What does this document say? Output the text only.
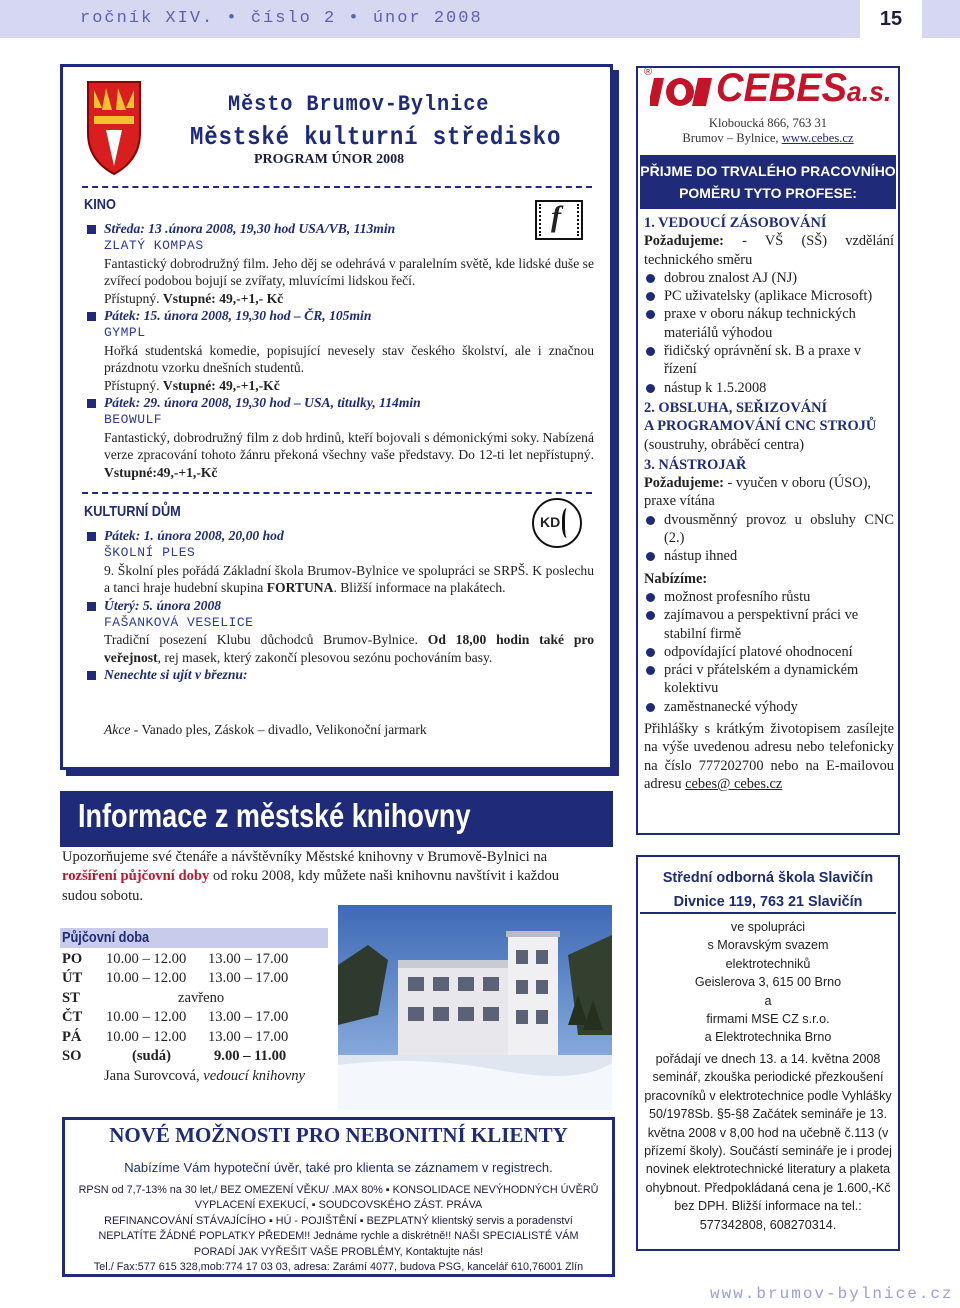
ročník XIV. • číslo 2 • únor 2008	15
Město Brumov-Bylnice
Městské kulturní středisko
PROGRAM ÚNOR 2008
KINO	f
Středa: 13 .února 2008, 19,30 hod USA/VB, 113min
ZLATÝ KOMPAS
Fantastický dobrodružný film. Jeho děj se odehrává v paralelním světě, kde lidské duše se zvířecí podobou bojují se zvířaty, mluvícími lidskou řečí.
Přístupný. Vstupné: 49,-+1,- Kč
Pátek: 15. února 2008, 19,30 hod – ČR, 105min
GYMPL
Hořká studentská komedie, popisující nevesely stav českého školství, ale i značnou prázdnotu vzorku dnešních studentů.
Přístupný. Vstupné: 49,-+1,-Kč
Pátek: 29. února 2008, 19,30 hod – USA, titulky, 114min
BEOWULF
Fantastický, dobrodružný film z dob hrdinů, kteří bojovali s démonickými soky. Nabízená verze zpracování tohoto žánru překoná všechny vaše představy. Do 12-ti let nepřístupný. Vstupné:49,-+1,-Kč
KULTURNÍ DŮM
KD
Pátek: 1. února 2008, 20,00 hod
ŠKOLNÍ PLES
9. Školní ples pořádá Základní škola Brumov-Bylnice ve spolupráci se SRPŠ. K poslechu a tanci hraje hudební skupina FORTUNA. Bližší informace na plakátech.
Úterý: 5. února 2008
FAŠANKOVÁ VESELICE
Tradiční posezení Klubu důchodců Brumov-Bylnice. Od 18,00 hodin také pro veřejnost, rej masek, který zakončí plesovou sezónu pochováním basy.
Nenechte si ujít v březnu:
Akce - Vanado ples, Záskok – divadlo, Velikonoční jarmark
Informace z městské knihovny
Upozorňujeme své čtenáře a návštěvníky Městské knihovny v Brumově-Bylnici na rozšíření půjčovní doby od roku 2008, kdy můžete naši knihovnu navštívit i každou sudou sobotu.
Půjčovní doba
PO	10.00 – 12.00	13.00 – 17.00
ÚT	10.00 – 12.00	13.00 – 17.00
ST	zavřeno	
ČT	10.00 – 12.00	13.00 – 17.00
PÁ	10.00 – 12.00	13.00 – 17.00
SO	(sudá)	9.00 – 11.00
Jana Surovcová, vedoucí knihovny
NOVÉ MOŽNOSTI PRO NEBONITNÍ KLIENTY
Nabízíme Vám hypoteční úvěr, také pro klienta se záznamem v registrech.
RPSN od 7,7-13% na 30 let,/ BEZ OMEZENÍ VĚKU/ .MAX 80% ▪ KONSOLIDACE NEVÝHODNÝCH ÚVĚRŮ
VYPLACENÍ EXEKUCÍ, ▪ SOUDCOVSKÉHO ZÁST. PRÁVA
REFINANCOVÁNÍ STÁVAJÍCÍHO ▪ HÚ - POJIŠTĚNÍ ▪ BEZPLATNÝ klientský servis a poradenství
NEPLATÍTE ŽÁDNÉ POPLATKY PŘEDEM!! Jednáme rychle a diskrétně!! NAŠI SPECIALISTÉ VÁM
PORADÍ JAK VYŘEŠIT VAŠE PROBLÉMY, Kontaktujte nás!
Tel./ Fax:577 615 328,mob:774 17 03 03, adresa: Zarámí 4077, budova PSG, kancelář 610,76001 Zlín
® CEBESa.s.
Kloboucká 866, 763 31
Brumov – Bylnice, www.cebes.cz
PŘIJME DO TRVALÉHO PRACOVNÍHO
POMĚRU TYTO PROFESE:
1. VEDOUCÍ ZÁSOBOVÁNÍ
Požadujeme: - VŠ (SŠ) vzdělání technického směru
dobrou znalost AJ (NJ)
PC uživatelsky (aplikace Microsoft)
praxe v oboru nákup technických materiálů výhodou
řidičský oprávnění sk. B a praxe v řízení
nástup k 1.5.2008
2. OBSLUHA, SEŘIZOVÁNÍ
A PROGRAMOVÁNÍ CNC STROJŮ
(soustruhy, obráběcí centra)
3. NÁSTROJAŘ
Požadujeme: - vyučen v oboru (ÚSO), praxe vítána
dvousměnný provoz u obsluhy CNC (2.)
nástup ihned
Nabízíme:
možnost profesního růstu
zajímavou a perspektivní práci ve stabilní firmě
odpovídající platové ohodnocení
práci v přátelském a dynamickém kolektivu
zaměstnanecké výhody
Přihlášky s krátkým životopisem zasílejte na výše uvedenou adresu nebo telefonicky na číslo 777202700 nebo na E-mailovou adresu cebes@ cebes.cz
Střední odborná škola Slavičín
Divnice 119, 763 21 Slavičín
ve spolupráci
s Moravským svazem
elektrotechniků
Geislerova 3, 615 00 Brno
a
firmami MSE CZ s.r.o.
a Elektrotechnika Brno
pořádají ve dnech 13. a 14. května 2008 seminář, zkouška periodické přezkoušení pracovníků v elektrotechnice podle Vyhlášky 50/1978Sb. §5-§8 Začátek semináře je 13. května 2008 v 8,00 hod na učebně č.113 (v přízemí školy). Součástí semináře je i prodej novinek elektrotechnické literatury a plaketa ohybnout. Předpokládaná cena je 1.600,-Kč bez DPH. Bližší informace na tel.: 577342808, 608270314.
www.brumov-bylnice.cz
